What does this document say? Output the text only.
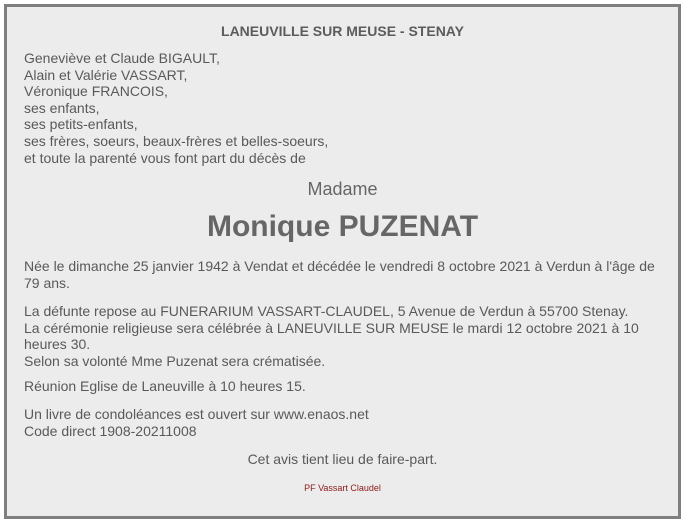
LANEUVILLE SUR MEUSE - STENAY
Geneviève et Claude BIGAULT,
Alain et Valérie VASSART,
Véronique FRANCOIS,
ses enfants,
ses petits-enfants,
ses frères, soeurs, beaux-frères et belles-soeurs,
et toute la parenté vous font part du décès de
Madame
Monique PUZENAT
Née le dimanche 25 janvier 1942 à Vendat et décédée le vendredi 8 octobre 2021 à Verdun à l'âge de 79 ans.
La défunte repose au FUNERARIUM VASSART-CLAUDEL, 5 Avenue de Verdun à 55700 Stenay.
La cérémonie religieuse sera célébrée à LANEUVILLE SUR MEUSE le mardi 12 octobre 2021 à 10 heures 30.
Selon sa volonté Mme Puzenat sera crématisée.
Réunion Eglise de Laneuville à 10 heures 15.
Un livre de condoléances est ouvert sur www.enaos.net
Code direct 1908-20211008
Cet avis tient lieu de faire-part.
PF Vassart Claudel
